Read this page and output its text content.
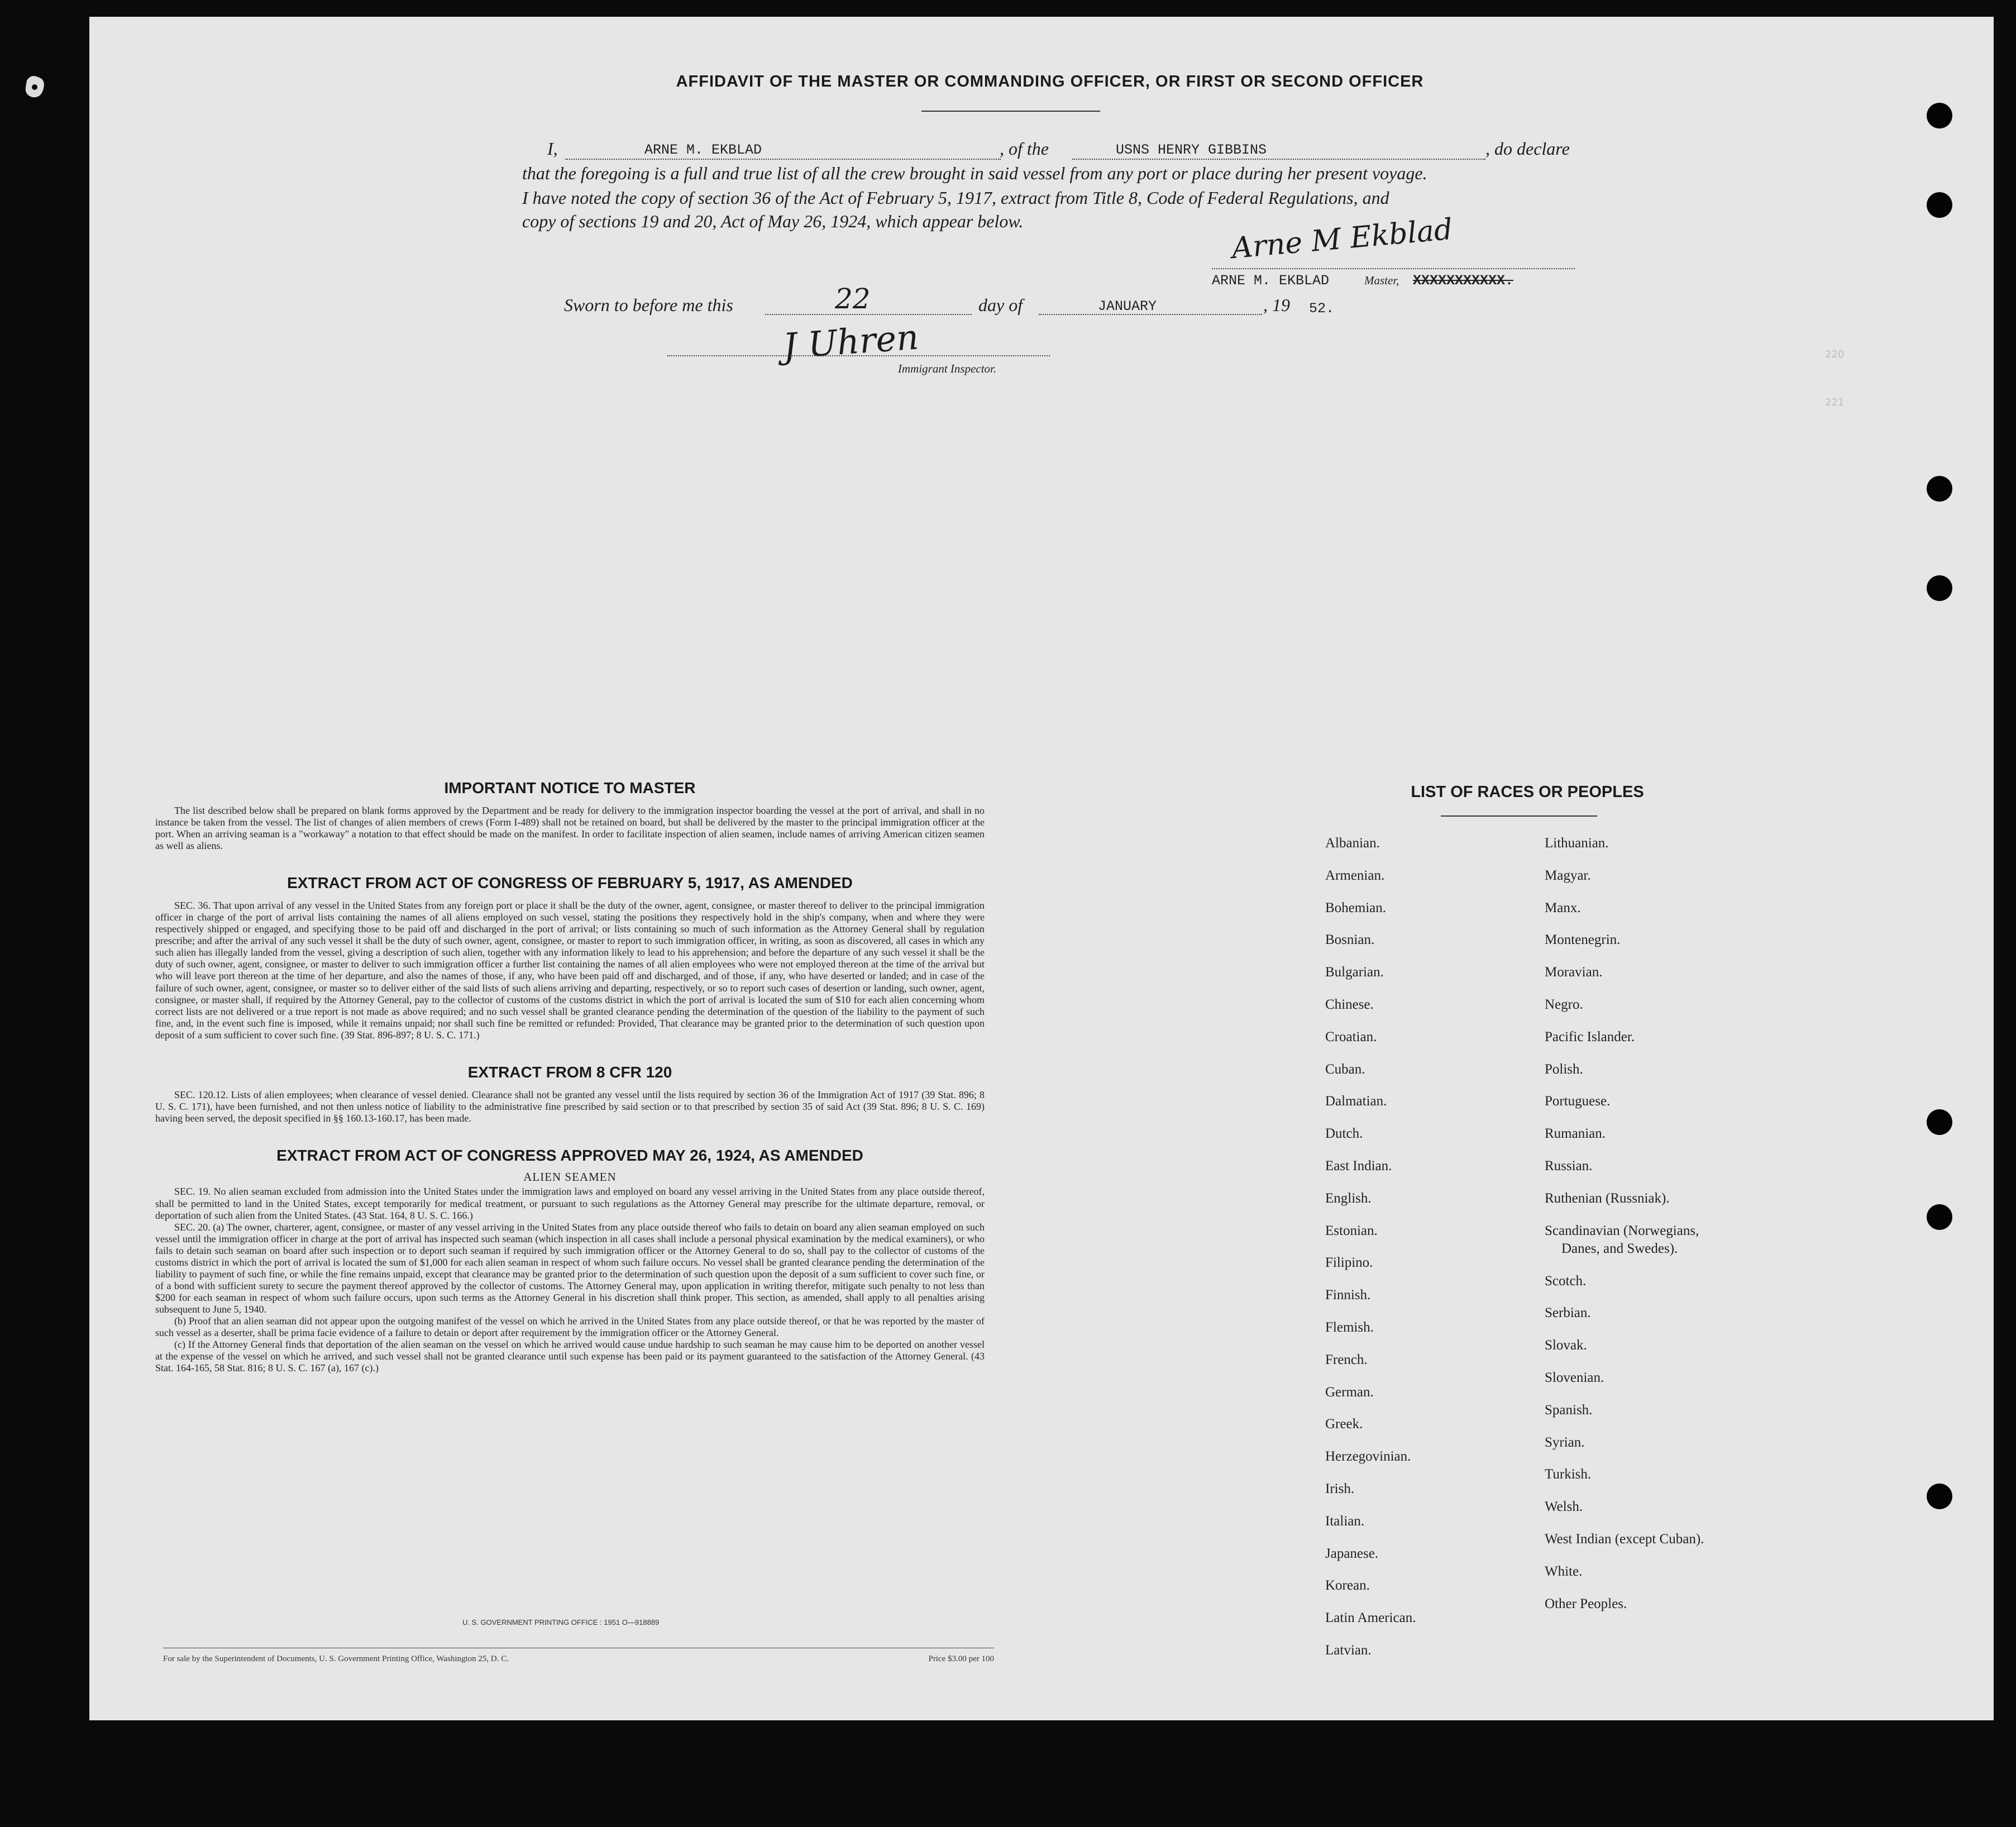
AFFIDAVIT OF THE MASTER OR COMMANDING OFFICER, OR FIRST OR SECOND OFFICER
I,	ARNE M. EKBLAD	, of the	USNS HENRY GIBBINS	, do declare
that the foregoing is a full and true list of all the crew brought in said vessel from any port or place during her present voyage.
I have noted the copy of section 36 of the Act of February 5, 1917, extract from Title 8, Code of Federal Regulations, and
copy of sections 19 and 20, Act of May 26, 1924, which appear below.	Arne M Ekblad
ARNE M. EKBLAD	Master, XXXXXXXXXXX.
Sworn to before me this	22	day of	JANUARY	, 19 52.
J Uhren
Immigrant Inspector.
IMPORTANT NOTICE TO MASTER

The list described below shall be prepared on blank forms approved by the Department and be ready for delivery to the immigration inspector boarding the vessel at the port of arrival, and shall in no instance be taken from the vessel. The list of changes of alien members of crews (Form I-489) shall not be retained on board, but shall be delivered by the master to the principal immigration officer at the port. When an arriving seaman is a "workaway" a notation to that effect should be made on the manifest. In order to facilitate inspection of alien seamen, include names of arriving American citizen seamen as well as aliens.

EXTRACT FROM ACT OF CONGRESS OF FEBRUARY 5, 1917, AS AMENDED

SEC. 36. That upon arrival of any vessel in the United States from any foreign port or place it shall be the duty of the owner, agent, consignee, or master thereof to deliver to the principal immigration officer in charge of the port of arrival lists containing the names of all aliens employed on such vessel, stating the positions they respectively hold in the ship's company, when and where they were respectively shipped or engaged, and specifying those to be paid off and discharged in the port of arrival; or lists containing so much of such information as the Attorney General shall by regulation prescribe; and after the arrival of any such vessel it shall be the duty of such owner, agent, consignee, or master to report to such immigration officer, in writing, as soon as discovered, all cases in which any such alien has illegally landed from the vessel, giving a description of such alien, together with any information likely to lead to his apprehension; and before the departure of any such vessel it shall be the duty of such owner, agent, consignee, or master to deliver to such immigration officer a further list containing the names of all alien employees who were not employed thereon at the time of the arrival but who will leave port thereon at the time of her departure, and also the names of those, if any, who have been paid off and discharged, and of those, if any, who have deserted or landed; and in case of the failure of such owner, agent, consignee, or master so to deliver either of the said lists of such aliens arriving and departing, respectively, or so to report such cases of desertion or landing, such owner, agent, consignee, or master shall, if required by the Attorney General, pay to the collector of customs of the customs district in which the port of arrival is located the sum of $10 for each alien concerning whom correct lists are not delivered or a true report is not made as above required; and no such vessel shall be granted clearance pending the determination of the question of the liability to the payment of such fine, and, in the event such fine is imposed, while it remains unpaid; nor shall such fine be remitted or refunded: Provided, That clearance may be granted prior to the determination of such question upon deposit of a sum sufficient to cover such fine. (39 Stat. 896-897; 8 U. S. C. 171.)

EXTRACT FROM 8 CFR 120

SEC. 120.12. Lists of alien employees; when clearance of vessel denied. Clearance shall not be granted any vessel until the lists required by section 36 of the Immigration Act of 1917 (39 Stat. 896; 8 U. S. C. 171), have been furnished, and not then unless notice of liability to the administrative fine prescribed by said section or to that prescribed by section 35 of said Act (39 Stat. 896; 8 U. S. C. 169) having been served, the deposit specified in §§ 160.13-160.17, has been made.

EXTRACT FROM ACT OF CONGRESS APPROVED MAY 26, 1924, AS AMENDED

ALIEN SEAMEN

SEC. 19. No alien seaman excluded from admission into the United States under the immigration laws and employed on board any vessel arriving in the United States from any place outside thereof, shall be permitted to land in the United States, except temporarily for medical treatment, or pursuant to such regulations as the Attorney General may prescribe for the ultimate departure, removal, or deportation of such alien from the United States. (43 Stat. 164, 8 U. S. C. 166.)

SEC. 20. (a) The owner, charterer, agent, consignee, or master of any vessel arriving in the United States from any place outside thereof who fails to detain on board any alien seaman employed on such vessel until the immigration officer in charge at the port of arrival has inspected such seaman (which inspection in all cases shall include a personal physical examination by the medical examiners), or who fails to detain such seaman on board after such inspection or to deport such seaman if required by such immigration officer or the Attorney General to do so, shall pay to the collector of customs of the customs district in which the port of arrival is located the sum of $1,000 for each alien seaman in respect of whom such failure occurs. No vessel shall be granted clearance pending the determination of the liability to payment of such fine, or while the fine remains unpaid, except that clearance may be granted prior to the determination of such question upon the deposit of a sum sufficient to cover such fine, or of a bond with sufficient surety to secure the payment thereof approved by the collector of customs. The Attorney General may, upon application in writing therefor, mitigate such penalty to not less than $200 for each seaman in respect of whom such failure occurs, upon such terms as the Attorney General in his discretion shall think proper. This section, as amended, shall apply to all penalties arising subsequent to June 5, 1940.

(b) Proof that an alien seaman did not appear upon the outgoing manifest of the vessel on which he arrived in the United States from any place outside thereof, or that he was reported by the master of such vessel as a deserter, shall be prima facie evidence of a failure to detain or deport after requirement by the immigration officer or the Attorney General.

(c) If the Attorney General finds that deportation of the alien seaman on the vessel on which he arrived would cause undue hardship to such seaman he may cause him to be deported on another vessel at the expense of the vessel on which he arrived, and such vessel shall not be granted clearance until such expense has been paid or its payment guaranteed to the satisfaction of the Attorney General. (43 Stat. 164-165, 58 Stat. 816; 8 U. S. C. 167 (a), 167 (c).)

U. S. GOVERNMENT PRINTING OFFICE : 1951 O—918889
For sale by the Superintendent of Documents, U. S. Government Printing Office, Washington 25, D. C.	Price $3.00 per 100
LIST OF RACES OR PEOPLES
Albanian.
Armenian.
Bohemian.
Bosnian.
Bulgarian.
Chinese.
Croatian.
Cuban.
Dalmatian.
Dutch.
East Indian.
English.
Estonian.
Filipino.
Finnish.
Flemish.
French.
German.
Greek.
Herzegovinian.
Irish.
Italian.
Japanese.
Korean.
Latin American.
Latvian.
Lithuanian.
Magyar.
Manx.
Montenegrin.
Moravian.
Negro.
Pacific Islander.
Polish.
Portuguese.
Rumanian.
Russian.
Ruthenian (Russniak).
Scandinavian (Norwegians,
Danes, and Swedes).
Scotch.
Serbian.
Slovak.
Slovenian.
Spanish.
Syrian.
Turkish.
Welsh.
West Indian (except Cuban).
White.
Other Peoples.
220
221
